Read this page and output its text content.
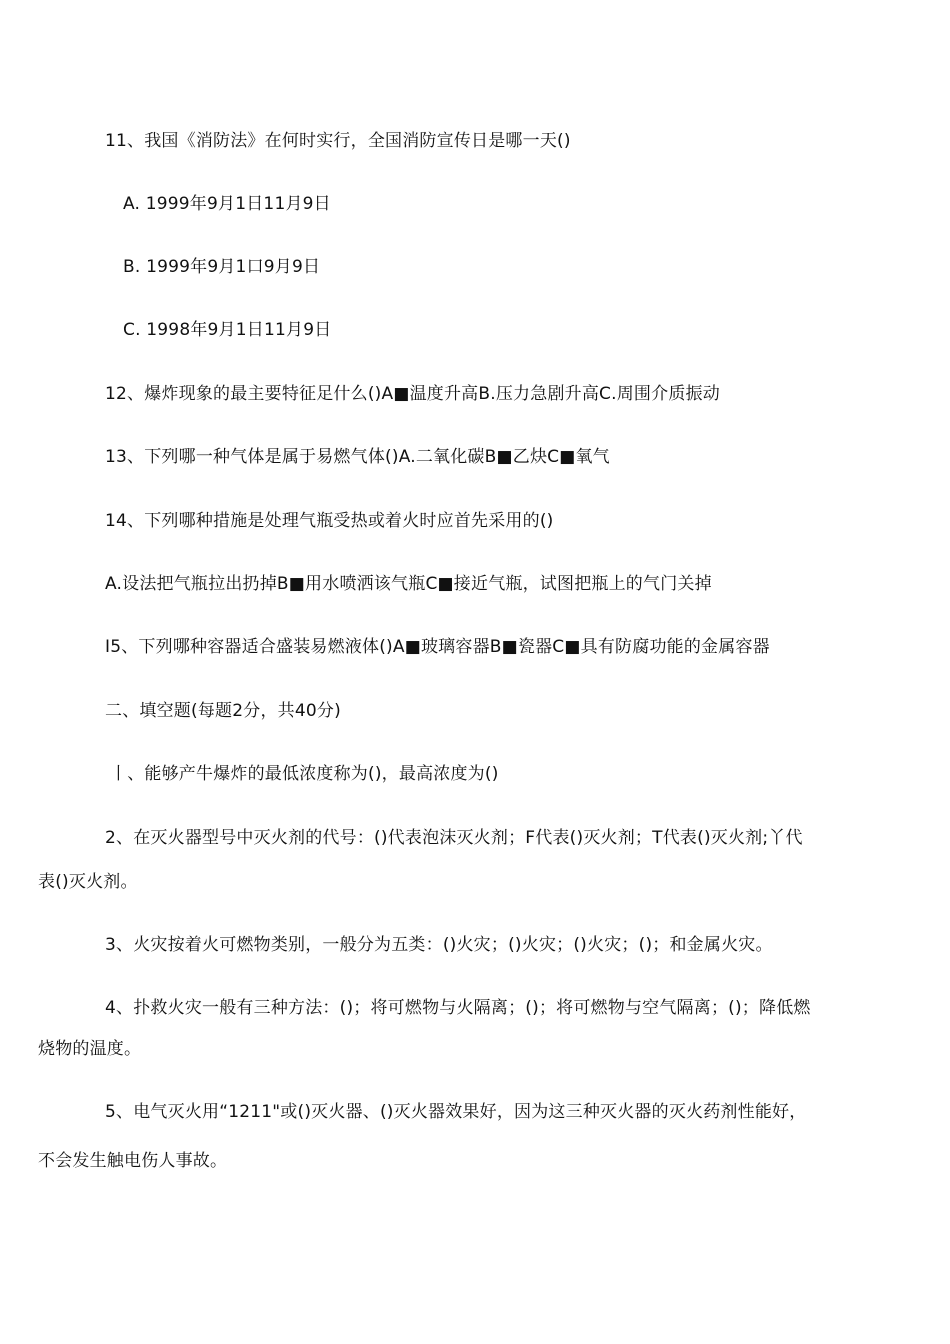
11、我国《消防法》在何时实行，全国消防宣传日是哪一天()
A. 1999年9月1日11月9日
B. 1999年9月1口9月9日
C. 1998年9月1日11月9日
12、爆炸现象的最主要特征足什么()A■温度升高B.压力急剧升高C.周围介质振动
13、下列哪一种气体是属于易燃气体()A.二氧化碳B■乙炔C■氧气
14、下列哪种措施是处理气瓶受热或着火时应首先采用的()
A.设法把气瓶拉出扔掉B■用水喷洒该气瓶C■接近气瓶，试图把瓶上的气门关掉
I5、下列哪种容器适合盛装易燃液体()A■玻璃容器B■瓷器C■具有防腐功能的金属容器
二、填空题(每题2分，共40分)
丨、能够产牛爆炸的最低浓度称为()，最高浓度为()
2、在灭火器型号中灭火剂的代号：()代表泡沫灭火剂；F代表()灭火剂；T代表()灭火剂;丫代
表()灭火剂。
3、火灾按着火可燃物类别，一般分为五类：()火灾；()火灾；()火灾；()；和金属火灾。
4、扑救火灾一般有三种方法：()；将可燃物与火隔离；()；将可燃物与空气隔离；()；降低燃
烧物的温度。
5、电气灭火用“1211"或()灭火器、()灭火器效果好，因为这三种灭火器的灭火药剂性能好，
不会发生触电伤人事故。
